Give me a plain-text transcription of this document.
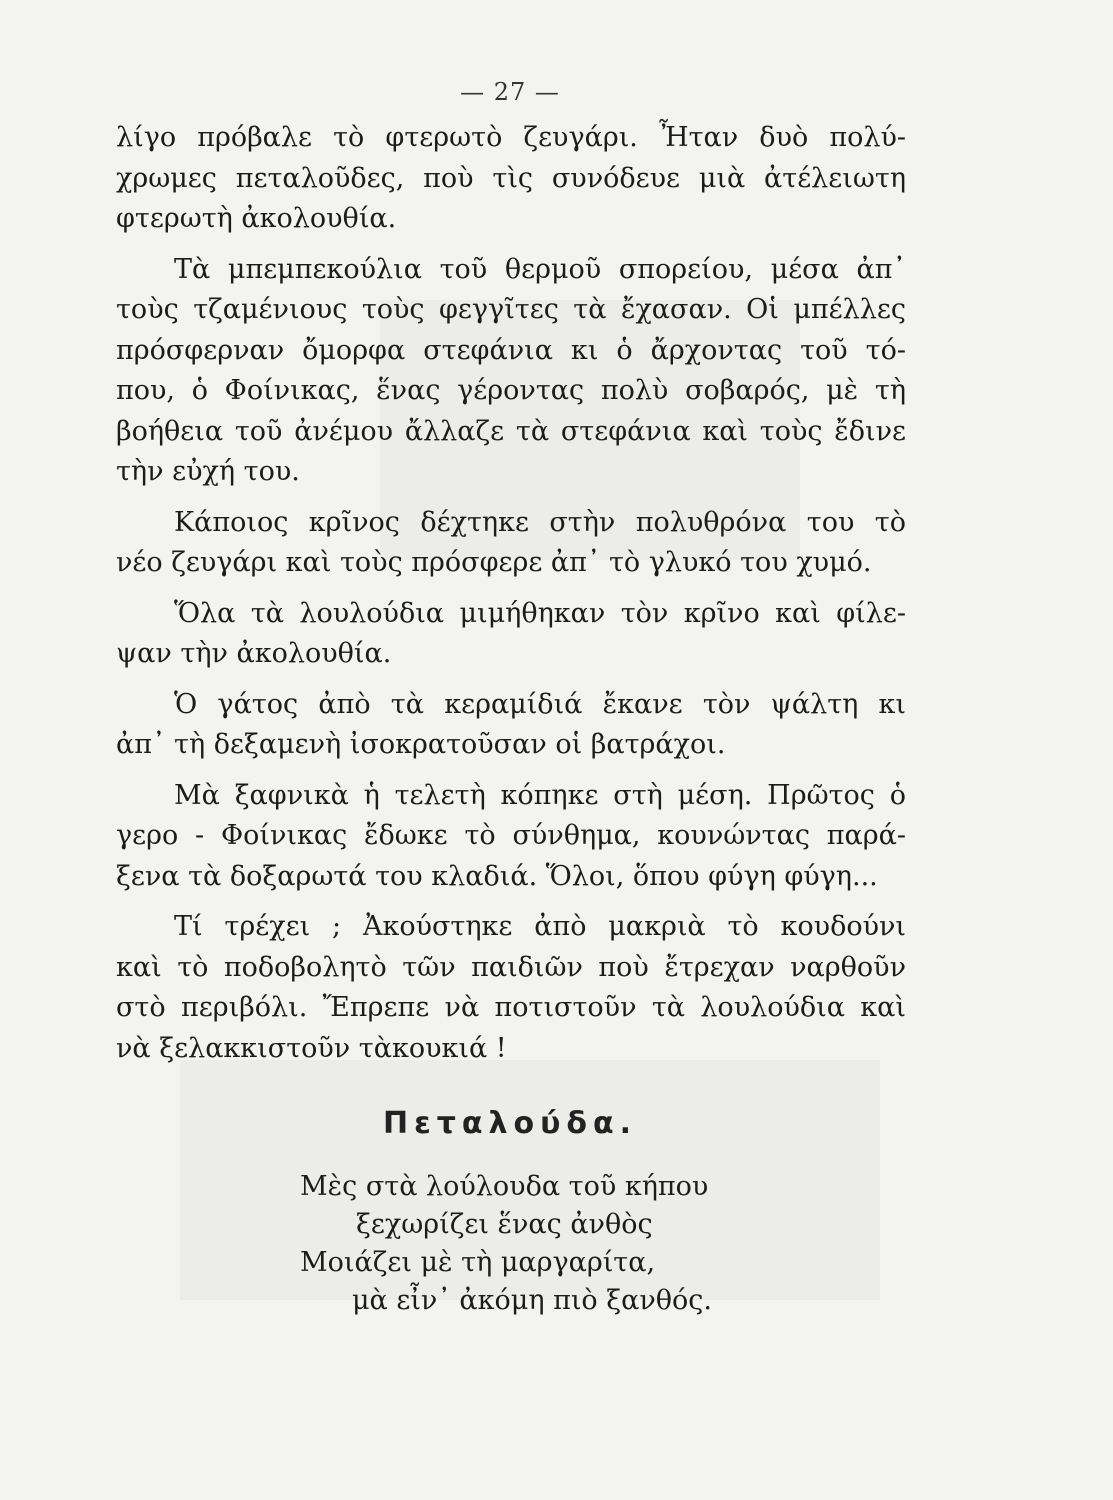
— 27 —

λίγο πρόβαλε τὸ φτερωτὸ ζευγάρι. Ἦταν δυὸ πολύ-
χρωμες πεταλοῦδες, ποὺ τὶς συνόδευε μιὰ ἀτέλειωτη
φτερωτὴ ἀκολουθία.

Τὰ μπεμπεκούλια τοῦ θερμοῦ σπορείου, μέσα ἀπ᾽
τοὺς τζαμένιους τοὺς φεγγῖτες τὰ ἔχασαν. Οἱ μπέλλες
πρόσφερναν ὄμορφα στεφάνια κι ὁ ἄρχοντας τοῦ τό-
που, ὁ Φοίνικας, ἕνας γέροντας πολὺ σοβαρός, μὲ τὴ
βοήθεια τοῦ ἀνέμου ἄλλαζε τὰ στεφάνια καὶ τοὺς ἔδινε
τὴν εὐχή του.

Κάποιος κρῖνος δέχτηκε στὴν πολυθρόνα του τὸ
νέο ζευγάρι καὶ τοὺς πρόσφερε ἀπ᾽ τὸ γλυκό του χυμό.

Ὅλα τὰ λουλούδια μιμήθηκαν τὸν κρῖνο καὶ φίλε-
ψαν τὴν ἀκολουθία.

Ὁ γάτος ἀπὸ τὰ κεραμίδιά ἔκανε τὸν ψάλτη κι
ἀπ᾽ τὴ δεξαμενὴ ἰσοκρατοῦσαν οἱ βατράχοι.

Μὰ ξαφνικὰ ἡ τελετὴ κόπηκε στὴ μέση. Πρῶτος ὁ
γερο - Φοίνικας ἔδωκε τὸ σύνθημα, κουνώντας παρά-
ξενα τὰ δοξαρωτά του κλαδιά. Ὅλοι, ὅπου φύγη φύγη...

Τί τρέχει ; Ἀκούστηκε ἀπὸ μακριὰ τὸ κουδούνι
καὶ τὸ ποδοβολητὸ τῶν παιδιῶν ποὺ ἔτρεχαν ναρθοῦν
στὸ περιβόλι. Ἔπρεπε νὰ ποτιστοῦν τὰ λουλούδια καὶ
νὰ ξελακκιστοῦν τὰκουκιά !

Πεταλούδα.
Μὲς στὰ λούλουδα τοῦ κήπου
ξεχωρίζει ἕνας ἀνθὸς
Μοιάζει μὲ τὴ μαργαρίτα,
μὰ εἶν᾽ ἀκόμη πιὸ ξανθός.
